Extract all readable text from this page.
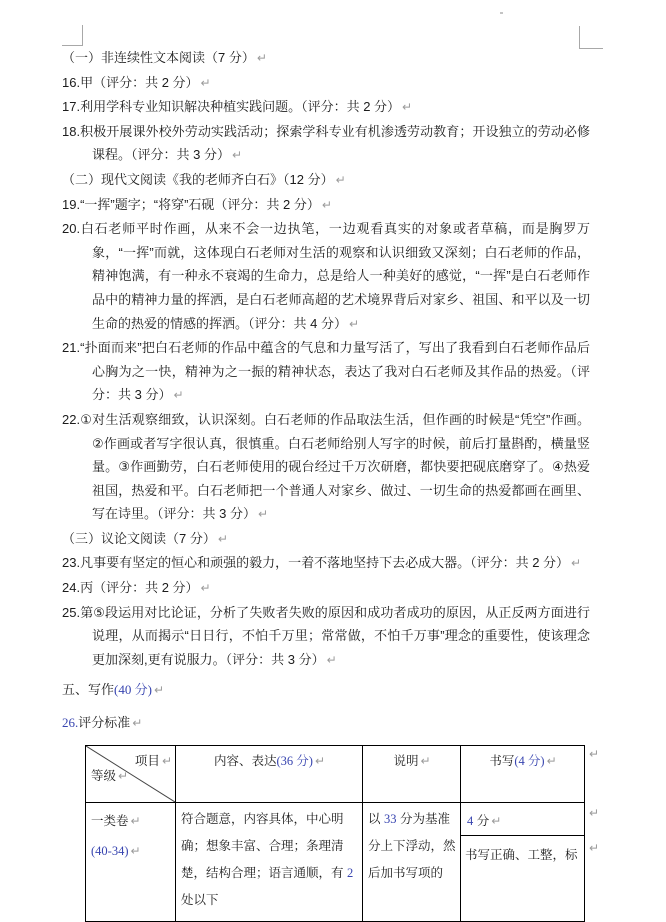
（一）非连续性文本阅读（7 分） ↵

16.甲（评分：共 2 分） ↵

17.利用学科专业知识解决种植实践问题。（评分：共 2 分） ↵

18.积极开展课外校外劳动实践活动；探索学科专业有机渗透劳动教育；开设独立的劳动必修课程。（评分：共 3 分） ↵

（二）现代文阅读《我的老师齐白石》（12 分） ↵

19.“一挥”题字；“将穿”石砚（评分：共 2 分） ↵

20.白石老师平时作画，从来不会一边执笔，一边观看真实的对象或者草稿，而是胸罗万象，“一挥”而就，这体现白石老师对生活的观察和认识细致又深刻；白石老师的作品，精神饱满，有一种永不衰竭的生命力，总是给人一种美好的感觉，“一挥”是白石老师作品中的精神力量的挥洒，是白石老师高超的艺术境界背后对家乡、祖国、和平以及一切生命的热爱的情感的挥洒。（评分：共 4 分） ↵

21.“扑面而来”把白石老师的作品中蕴含的气息和力量写活了，写出了我看到白石老师作品后心胸为之一快，精神为之一振的精神状态，表达了我对白石老师及其作品的热爱。（评分：共 3 分） ↵

22.①对生活观察细致，认识深刻。白石老师的作品取法生活，但作画的时候是“凭空”作画。②作画或者写字很认真，很慎重。白石老师给别人写字的时候，前后打量斟酌，横量竖量。③作画勤劳，白石老师使用的砚台经过千万次研磨，都快要把砚底磨穿了。④热爱祖国，热爱和平。白石老师把一个普通人对家乡、做过、一切生命的热爱都画在画里、写在诗里。（评分：共 3 分） ↵

（三）议论文阅读（7 分） ↵

23.凡事要有坚定的恒心和顽强的毅力，一着不落地坚持下去必成大器。（评分：共 2 分） ↵

24.丙（评分：共 2 分） ↵

25.第⑤段运用对比论证，分析了失败者失败的原因和成功者成功的原因，从正反两方面进行说理，从而揭示“日日行，不怕千万里；常常做，不怕千万事”理念的重要性，使该理念更加深刻,更有说服力。（评分：共 3 分） ↵

五、写作(40 分) ↵

26.评分标准 ↵

项目 ↵
等级 ↵
内容、表达(36 分) ↵	说明 ↵	书写(4 分) ↵
一类卷 ↵
(40-34) ↵
符合题意，内容具体，中心明确；想象丰富、合理；条理清楚，结构合理；语言通顺，有 2 处以下
以 33 分为基准分上下浮动，然后加书写项的
4 分 ↵
书写正确、工整，标
↵
↵
↵
